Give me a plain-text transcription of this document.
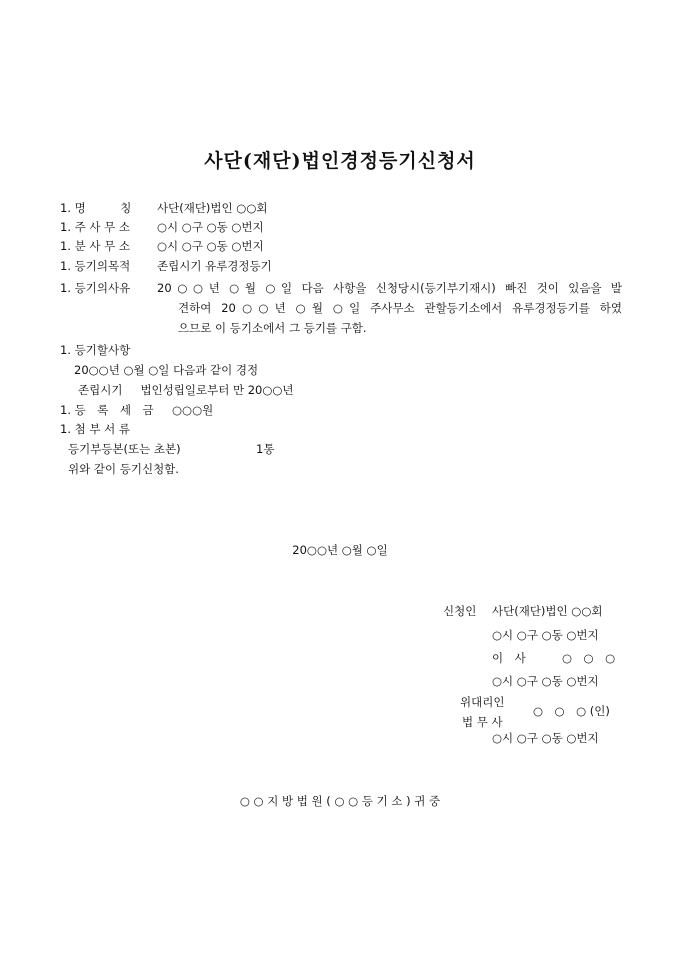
사단(재단)법인경정등기신청서
1. 명　　　칭 사단(재단)법인 ○○회
1. 주 사 무 소 ○시 ○구 ○동 ○번지
1. 분 사 무 소 ○시 ○구 ○동 ○번지
1. 등기의목적 존립시기 유루경정등기
1. 등기의사유 20○○년 ○월 ○일 다음 사항을 신청당시(등기부기재시) 빠진 것이 있음을 발
견하여 20○○년 ○월 ○일 주사무소 관할등기소에서 유루경정등기를 하였
으므로 이 등기소에서 그 등기를 구함.
1. 등기할사항
20○○년 ○월 ○일 다음과 같이 경정
존립시기 법인성립일로부터 만 20○○년
1. 등　록　세　금 ○○○원
1. 첨 부 서 류
등기부등본(또는 초본)	1통
위와 같이 등기신청함.
20○○년 ○월 ○일
신청인 사단(재단)법인 ○○회
○시 ○구 ○동 ○번지
이　사	○　○　○
○시 ○구 ○동 ○번지
위대리인
법 무 사
○　○　○ (인)
○시 ○구 ○동 ○번지
○ ○ 지 방 법 원 ( ○ ○ 등 기 소 ) 귀 중
